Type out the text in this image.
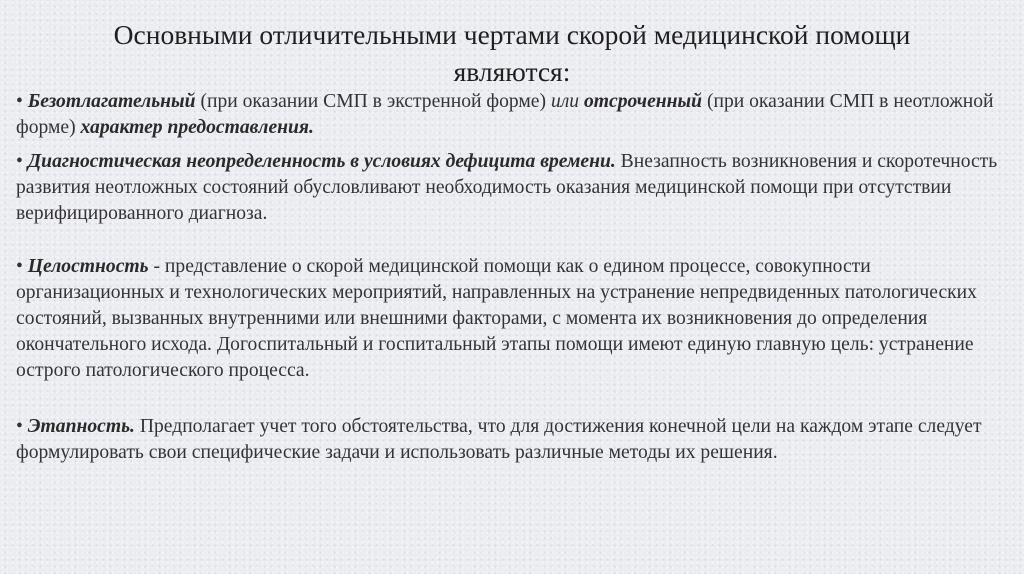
Основными отличительными чертами скорой медицинской помощи
являются:

• Безотлагательный (при оказании СМП в экстренной форме) или отсроченный (при оказании СМП в неотложной форме) характер предоставления.

• Диагностическая неопределенность в условиях дефицита времени. Внезапность возникновения и скоротечность развития неотложных состояний обусловливают необходимость оказания медицинской помощи при отсутствии верифицированного диагноза.

• Целостность - представление о скорой медицинской помощи как о едином процессе, совокупности организационных и технологических мероприятий, направленных на устранение непредвиденных патологических состояний, вызванных внутренними или внешними факторами, с момента их возникновения до определения окончательного исхода. Догоспитальный и госпитальный этапы помощи имеют единую главную цель: устранение острого патологического процесса.

• Этапность. Предполагает учет того обстоятельства, что для достижения конечной цели на каждом этапе следует формулировать свои специфические задачи и использовать различные методы их решения.
